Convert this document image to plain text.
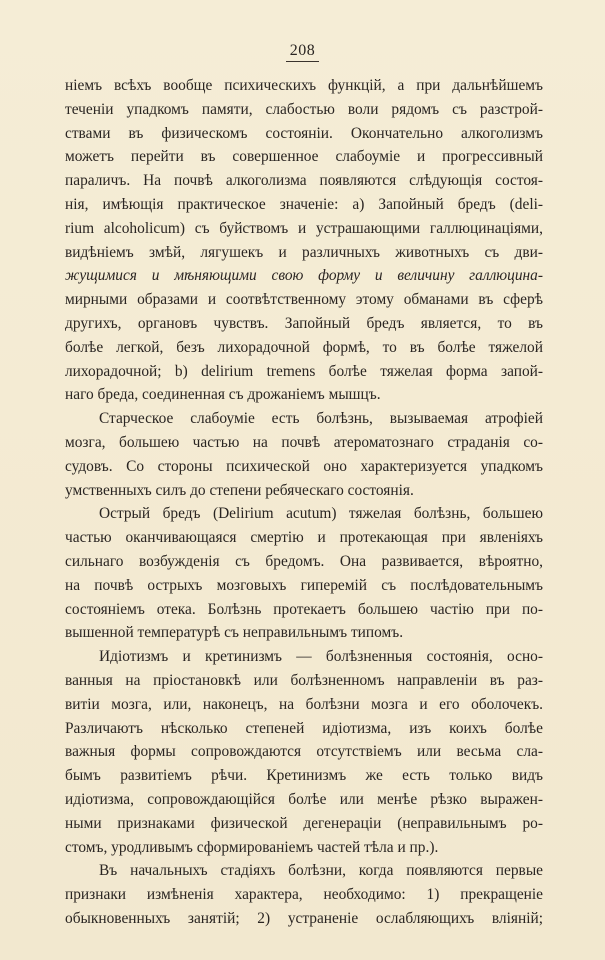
208
ніемъ всѣхъ вообще психическихъ функцій, а при дальнѣйшемъ
теченіи упадкомъ памяти, слабостью воли рядомъ съ разстрой-
ствами въ физическомъ состояніи. Окончательно алкоголизмъ
можетъ перейти въ совершенное слабоуміе и прогрессивный
параличъ. На почвѣ алкоголизма появляются слѣдующія состоя-
нія, имѣющія практическое значеніе: a) Запойный бредъ (deli-
rium alcoholicum) съ буйствомъ и устрашающими галлюцинаціями,
видѣніемъ змѣй, лягушекъ и различныхъ животныхъ съ дви-
жущимися и мѣняющими свою форму и величину галлюцина-
мирными образами и соотвѣтственному этому обманами въ сферѣ
другихъ, органовъ чувствъ. Запойный бредъ является, то въ
болѣе легкой, безъ лихорадочной формѣ, то въ болѣе тяжелой
лихорадочной; b) delirium tremens болѣе тяжелая форма запой-
наго бреда, соединенная съ дрожаніемъ мышцъ.
Старческое слабоуміе есть болѣзнь, вызываемая атрофіей
мозга, большею частью на почвѣ атероматознаго страданія со-
судовъ. Со стороны психической оно характеризуется упадкомъ
умственныхъ силъ до степени ребяческаго состоянія.
Острый бредъ (Delirium acutum) тяжелая болѣзнь, большею
частью оканчивающаяся смертію и протекающая при явленіяхъ
сильнаго возбужденія съ бредомъ. Она развивается, вѣроятно,
на почвѣ острыхъ мозговыхъ гиперемій съ послѣдовательнымъ
состояніемъ отека. Болѣзнь протекаетъ большею частію при по-
вышенной температурѣ съ неправильнымъ типомъ.
Идіотизмъ и кретинизмъ — болѣзненныя состоянія, осно-
ванныя на пріостановкѣ или болѣзненномъ направленіи въ раз-
витіи мозга, или, наконецъ, на болѣзни мозга и его оболочекъ.
Различаютъ нѣсколько степеней идіотизма, изъ коихъ болѣе
важныя формы сопровождаются отсутствіемъ или весьма сла-
бымъ развитіемъ рѣчи. Кретинизмъ же есть только видъ
идіотизма, сопровождающійся болѣе или менѣе рѣзко выражен-
ными признаками физической дегенераціи (неправильнымъ ро-
стомъ, уродливымъ сформированіемъ частей тѣла и пр.).
Въ начальныхъ стадіяхъ болѣзни, когда появляются первые
признаки измѣненія характера, необходимо: 1) прекращеніе
обыкновенныхъ занятій; 2) устраненіе ослабляющихъ вліяній;
